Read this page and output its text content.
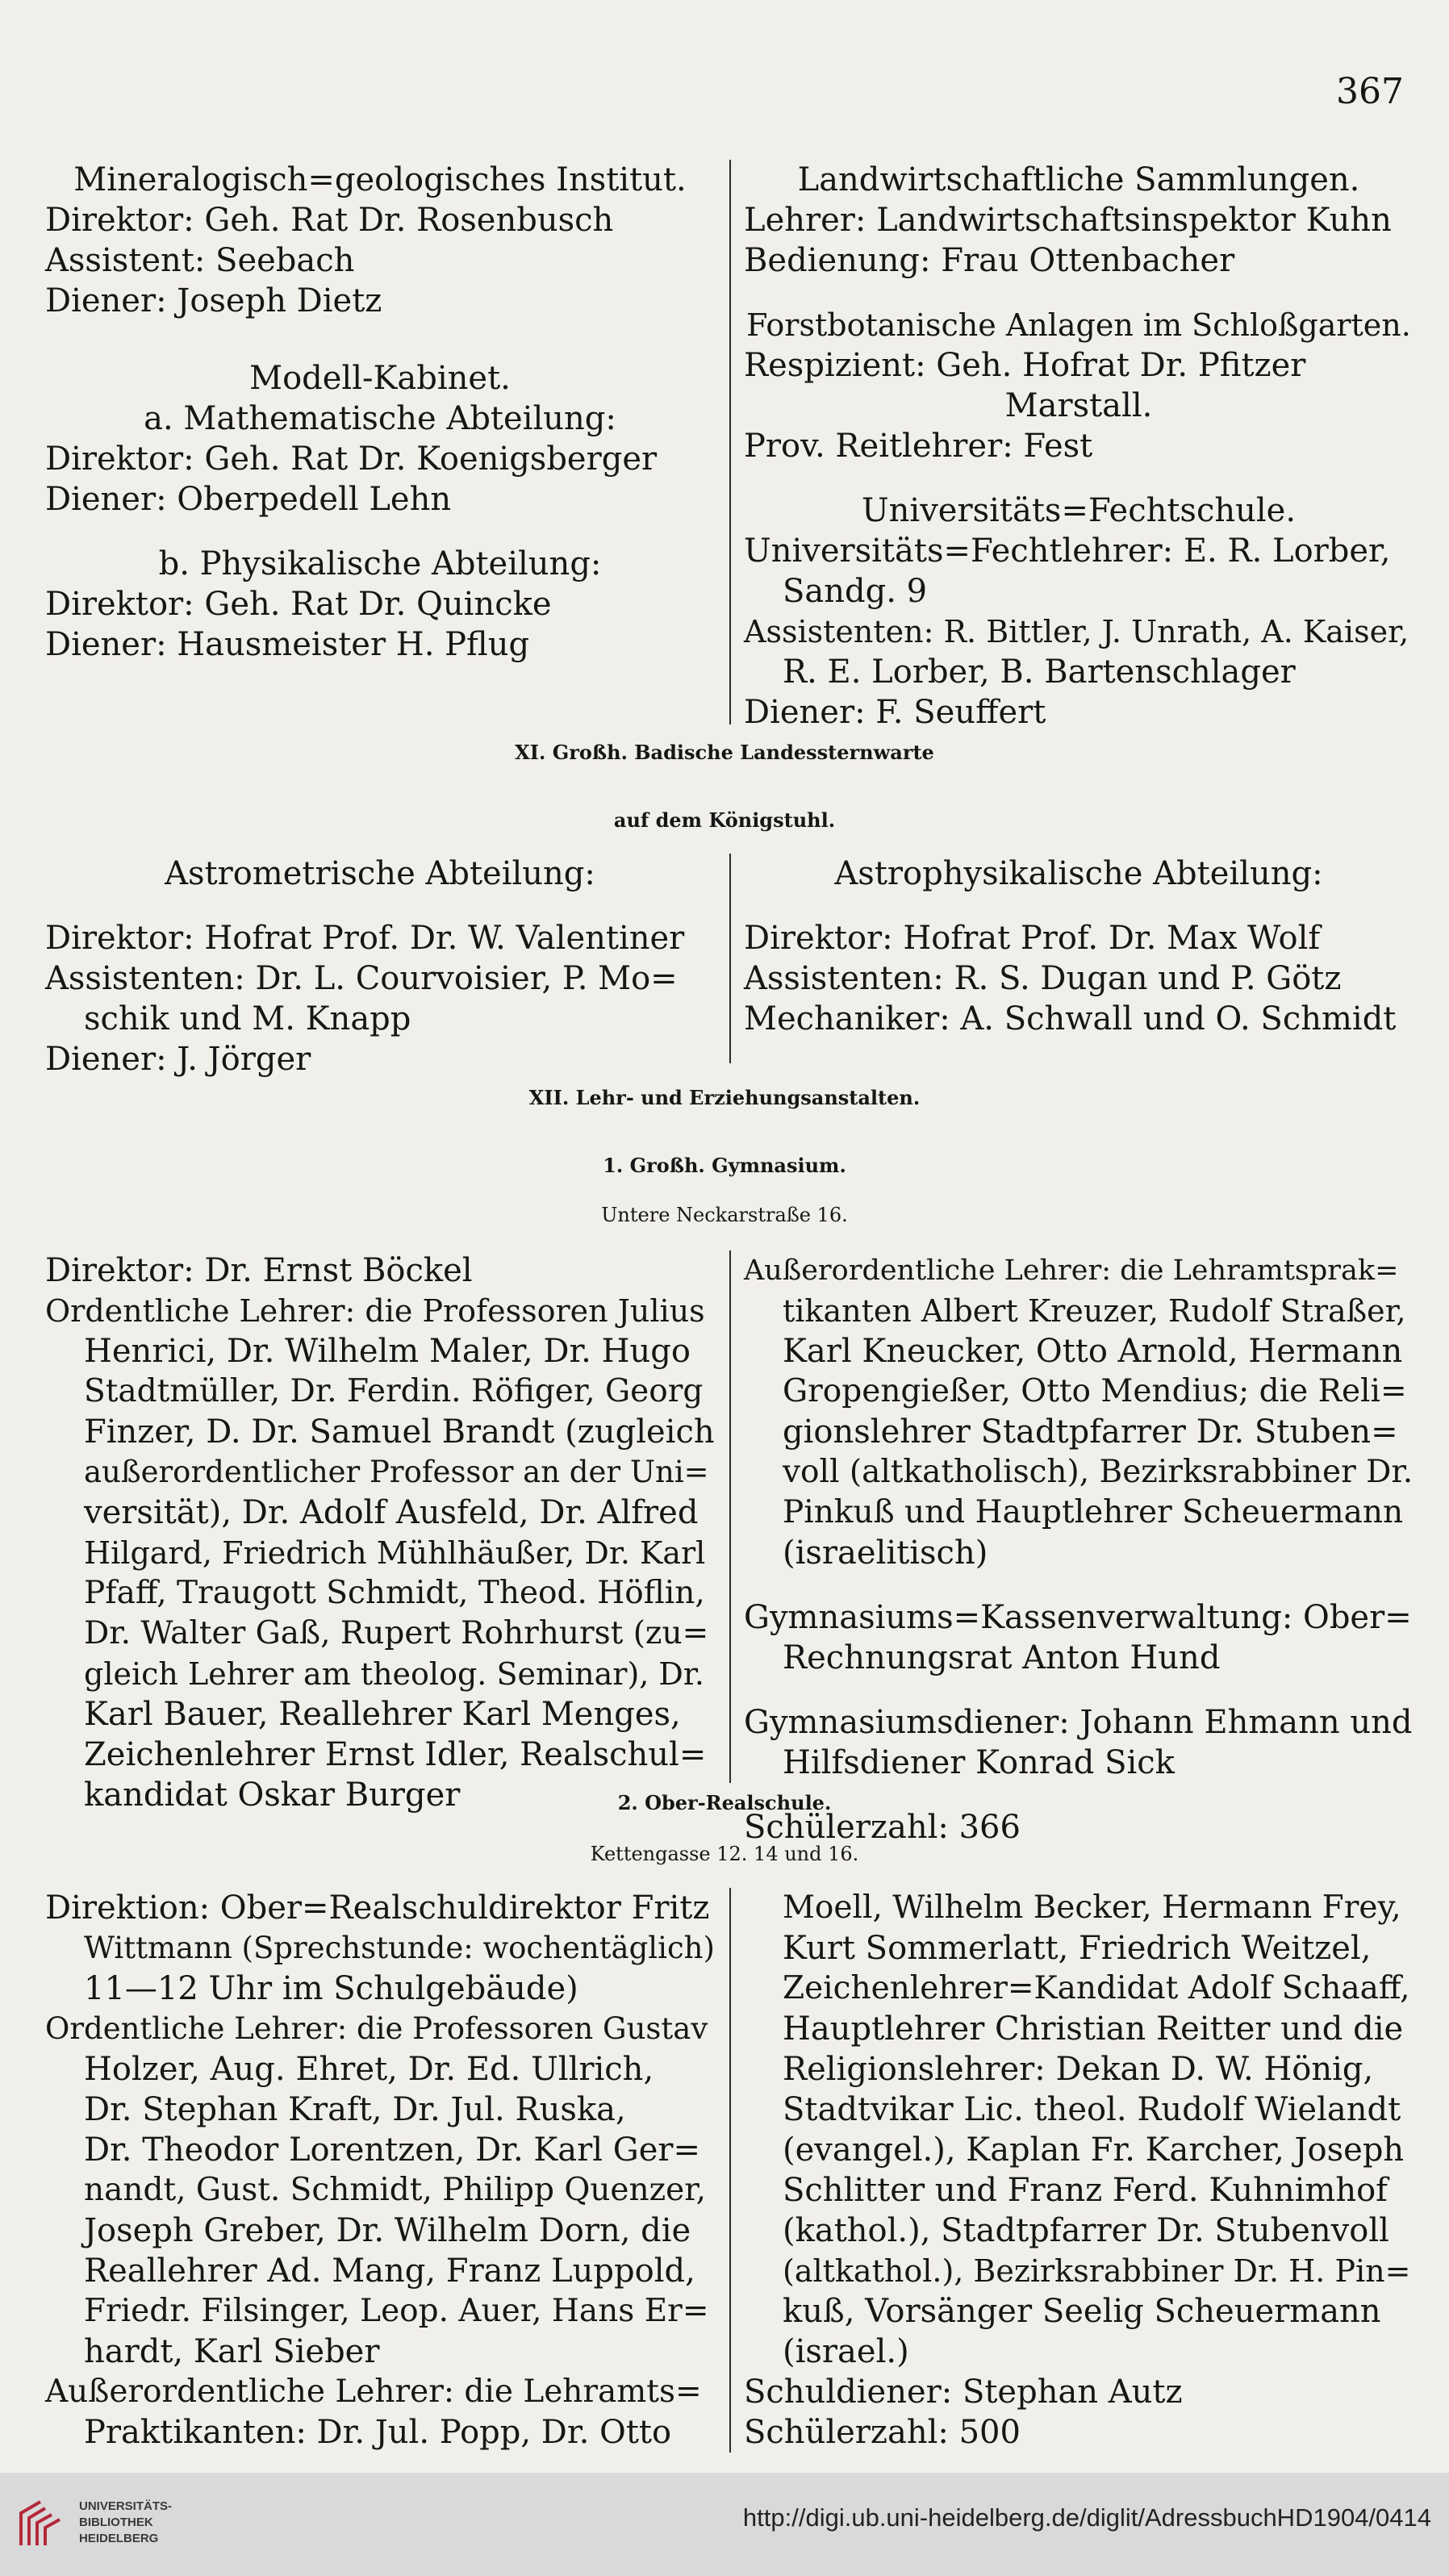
367
Mineralogisch=geologisches Institut.
Direktor: Geh. Rat Dr. Rosenbusch
Assistent: Seebach
Diener: Joseph Dietz
Modell-Kabinet.
a. Mathematische Abteilung:
Direktor: Geh. Rat Dr. Koenigsberger
Diener: Oberpedell Lehn
b. Physikalische Abteilung:
Direktor: Geh. Rat Dr. Quincke
Diener: Hausmeister H. Pflug
Landwirtschaftliche Sammlungen.
Lehrer: Landwirtschaftsinspektor Kuhn
Bedienung: Frau Ottenbacher
Forstbotanische Anlagen im Schloßgarten.
Respizient: Geh. Hofrat Dr. Pfitzer
Marstall.
Prov. Reitlehrer: Fest
Universitäts=Fechtschule.
Universitäts=Fechtlehrer: E. R. Lorber,
Sandg. 9
Assistenten: R. Bittler, J. Unrath, A. Kaiser,
R. E. Lorber, B. Bartenschlager
Diener: F. Seuffert
XI. Großh. Badische Landessternwarte
auf dem Königstuhl.
Astrometrische Abteilung:
Direktor: Hofrat Prof. Dr. W. Valentiner
Assistenten: Dr. L. Courvoisier, P. Mo=
schik und M. Knapp
Diener: J. Jörger
Astrophysikalische Abteilung:
Direktor: Hofrat Prof. Dr. Max Wolf
Assistenten: R. S. Dugan und P. Götz
Mechaniker: A. Schwall und O. Schmidt
XII. Lehr- und Erziehungsanstalten.
1. Großh. Gymnasium.
Untere Neckarstraße 16.
Direktor: Dr. Ernst Böckel
Ordentliche Lehrer: die Professoren Julius
Henrici, Dr. Wilhelm Maler, Dr. Hugo
Stadtmüller, Dr. Ferdin. Röfiger, Georg
Finzer, D. Dr. Samuel Brandt (zugleich
außerordentlicher Professor an der Uni=
versität), Dr. Adolf Ausfeld, Dr. Alfred
Hilgard, Friedrich Mühlhäußer, Dr. Karl
Pfaff, Traugott Schmidt, Theod. Höflin,
Dr. Walter Gaß, Rupert Rohrhurst (zu=
gleich Lehrer am theolog. Seminar), Dr.
Karl Bauer, Reallehrer Karl Menges,
Zeichenlehrer Ernst Idler, Realschul=
kandidat Oskar Burger
Außerordentliche Lehrer: die Lehramtsprak=
tikanten Albert Kreuzer, Rudolf Straßer,
Karl Kneucker, Otto Arnold, Hermann
Gropengießer, Otto Mendius; die Reli=
gionslehrer Stadtpfarrer Dr. Stuben=
voll (altkatholisch), Bezirksrabbiner Dr.
Pinkuß und Hauptlehrer Scheuermann
(israelitisch)
Gymnasiums=Kassenverwaltung: Ober=
Rechnungsrat Anton Hund
Gymnasiumsdiener: Johann Ehmann und
Hilfsdiener Konrad Sick
Schülerzahl: 366
2. Ober-Realschule.
Kettengasse 12. 14 und 16.
Direktion: Ober=Realschuldirektor Fritz
Wittmann (Sprechstunde: wochentäglich)
11—12 Uhr im Schulgebäude)
Ordentliche Lehrer: die Professoren Gustav
Holzer, Aug. Ehret, Dr. Ed. Ullrich,
Dr. Stephan Kraft, Dr. Jul. Ruska,
Dr. Theodor Lorentzen, Dr. Karl Ger=
nandt, Gust. Schmidt, Philipp Quenzer,
Joseph Greber, Dr. Wilhelm Dorn, die
Reallehrer Ad. Mang, Franz Luppold,
Friedr. Filsinger, Leop. Auer, Hans Er=
hardt, Karl Sieber
Außerordentliche Lehrer: die Lehramts=
Praktikanten: Dr. Jul. Popp, Dr. Otto
Moell, Wilhelm Becker, Hermann Frey,
Kurt Sommerlatt, Friedrich Weitzel,
Zeichenlehrer=Kandidat Adolf Schaaff,
Hauptlehrer Christian Reitter und die
Religionslehrer: Dekan D. W. Hönig,
Stadtvikar Lic. theol. Rudolf Wielandt
(evangel.), Kaplan Fr. Karcher, Joseph
Schlitter und Franz Ferd. Kuhnimhof
(kathol.), Stadtpfarrer Dr. Stubenvoll
(altkathol.), Bezirksrabbiner Dr. H. Pin=
kuß, Vorsänger Seelig Scheuermann
(israel.)
Schuldiener: Stephan Autz
Schülerzahl: 500
UNIVERSITÄTS-
BIBLIOTHEK
HEIDELBERG
http://digi.ub.uni-heidelberg.de/diglit/AdressbuchHD1904/0414
